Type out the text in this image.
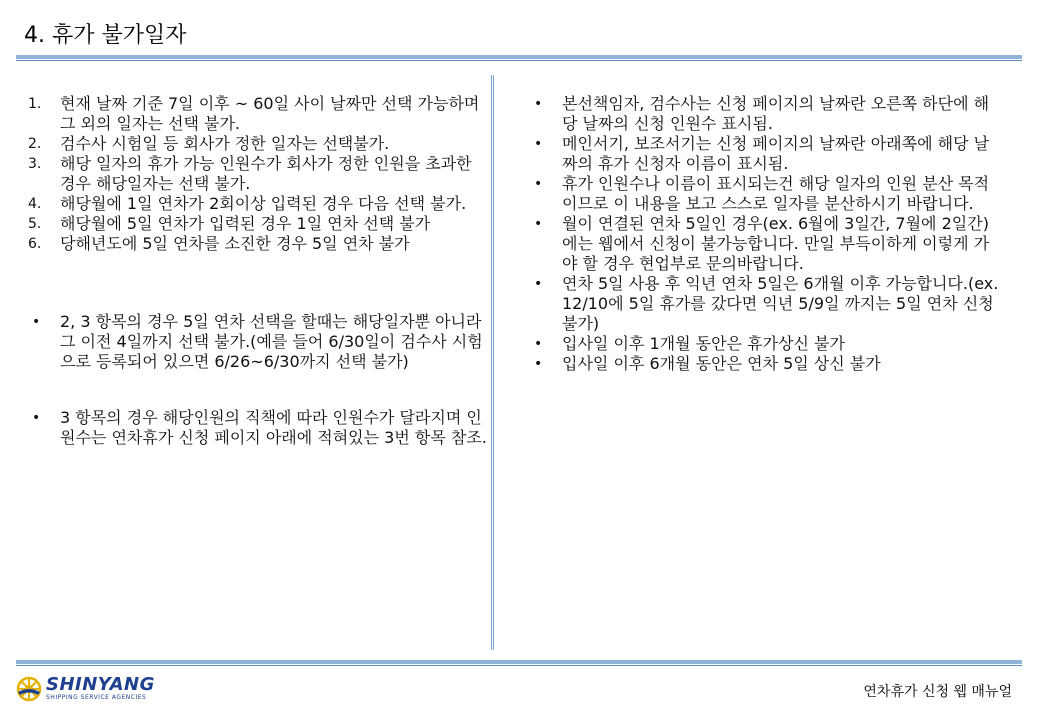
4. 휴가 불가일자
1.	현재 날짜 기준 7일 이후 ~ 60일 사이 날짜만 선택 가능하며 그 외의 일자는 선택 불가.
2.	검수사 시험일 등 회사가 정한 일자는 선택불가.
3.	해당 일자의 휴가 가능 인원수가 회사가 정한 인원을 초과한 경우 해당일자는 선택 불가.
4.	해당월에 1일 연차가 2회이상 입력된 경우 다음 선택 불가.
5.	해당월에 5일 연차가 입력된 경우 1일 연차 선택 불가
6.	당해년도에 5일 연차를 소진한 경우 5일 연차 불가
•	2, 3 항목의 경우 5일 연차 선택을 할때는 해당일자뿐 아니라 그 이전 4일까지 선택 불가.(예를 들어 6/30일이 검수사 시험으로 등록되어 있으면 6/26~6/30까지 선택 불가)
•	3 항목의 경우 해당인원의 직책에 따라 인원수가 달라지며 인원수는 연차휴가 신청 페이지 아래에 적혀있는 3번 항목 참조.
•	본선책임자, 검수사는 신청 페이지의 날짜란 오른쪽 하단에 해당 날짜의 신청 인원수 표시됨.
•	메인서기, 보조서기는 신청 페이지의 날짜란 아래쪽에 해당 날짜의 휴가 신청자 이름이 표시됨.
•	휴가 인원수나 이름이 표시되는건 해당 일자의 인원 분산 목적이므로 이 내용을 보고 스스로 일자를 분산하시기 바랍니다.
•	월이 연결된 연차 5일인 경우(ex. 6월에 3일간, 7월에 2일간)에는 웹에서 신청이 불가능합니다. 만일 부득이하게 이렇게 가야 할 경우 현업부로 문의바랍니다.
•	연차 5일 사용 후 익년 연차 5일은 6개월 이후 가능합니다.(ex. 12/10에 5일 휴가를 갔다면 익년 5/9일 까지는 5일 연차 신청 불가)
•	입사일 이후 1개월 동안은 휴가상신 불가
•	입사일 이후 6개월 동안은 연차 5일 상신 불가
SHINYANG
SHIPPING SERVICE AGENCIES	연차휴가 신청 웹 매뉴얼
